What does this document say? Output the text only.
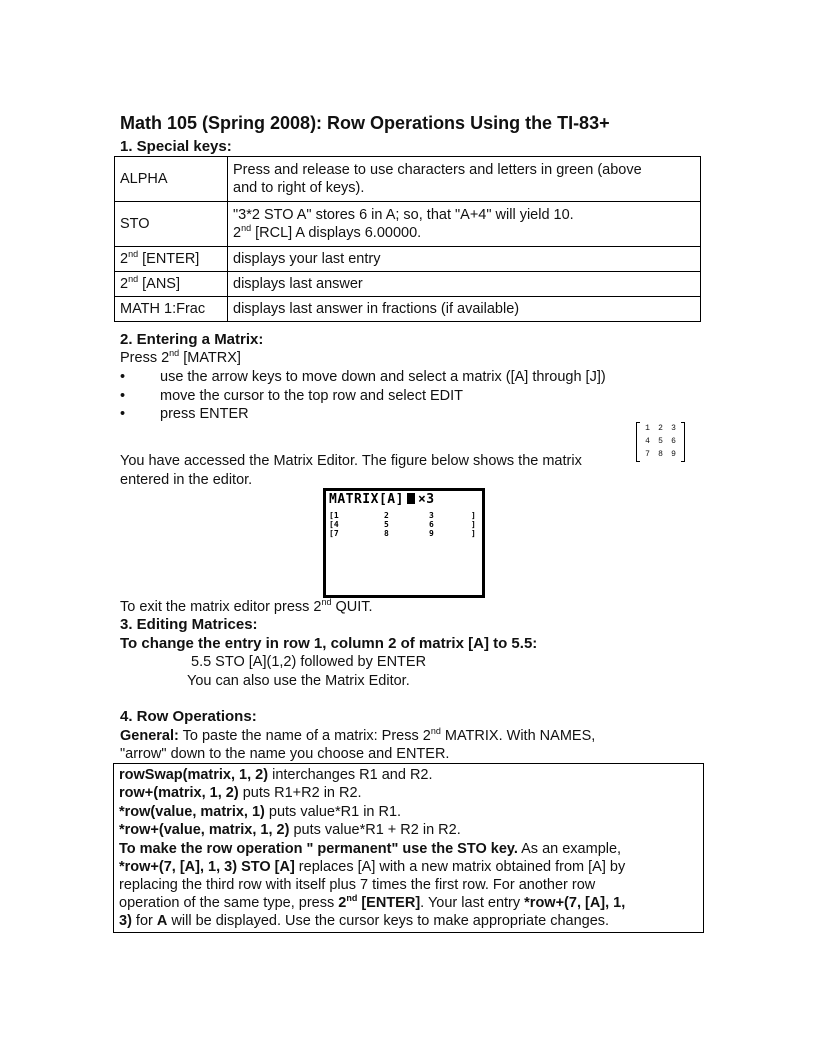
Math 105 (Spring 2008): Row Operations Using the TI-83+
1. Special keys:
ALPHA	Press and release to use characters and letters in green (above
and to right of keys).
STO	"3*2 STO A" stores 6 in A; so, that "A+4" will yield 10.
2nd [RCL] A displays 6.00000.
2nd [ENTER]	displays your last entry
2nd [ANS]	displays last answer
MATH 1:Frac	displays last answer in fractions (if available)
2. Entering a Matrix:
Press 2nd [MATRX]
• use the arrow keys to move down and select a matrix ([A] through [J])
• move the cursor to the top row and select EDIT
• press ENTER
1 2 3
4 5 6
7 8 9
You have accessed the Matrix Editor. The figure below shows the matrix
entered in the editor.
MATRIX[A] ×3
[1	2	3	]
[4	5	6	]
[7	8	9	]
To exit the matrix editor press 2nd QUIT.
3. Editing Matrices:
To change the entry in row 1, column 2 of matrix [A] to 5.5:
5.5 STO [A](1,2) followed by ENTER
You can also use the Matrix Editor.
4. Row Operations:
General: To paste the name of a matrix: Press 2nd MATRIX. With NAMES,
"arrow" down to the name you choose and ENTER.
rowSwap(matrix, 1, 2) interchanges R1 and R2.
row+(matrix, 1, 2) puts R1+R2 in R2.
*row(value, matrix, 1) puts value*R1 in R1.
*row+(value, matrix, 1, 2) puts value*R1 + R2 in R2.
To make the row operation " permanent" use the STO key. As an example,
*row+(7, [A], 1, 3) STO [A] replaces [A] with a new matrix obtained from [A] by
replacing the third row with itself plus 7 times the first row. For another row
operation of the same type, press 2nd [ENTER]. Your last entry *row+(7, [A], 1,
3) for A will be displayed. Use the cursor keys to make appropriate changes.
